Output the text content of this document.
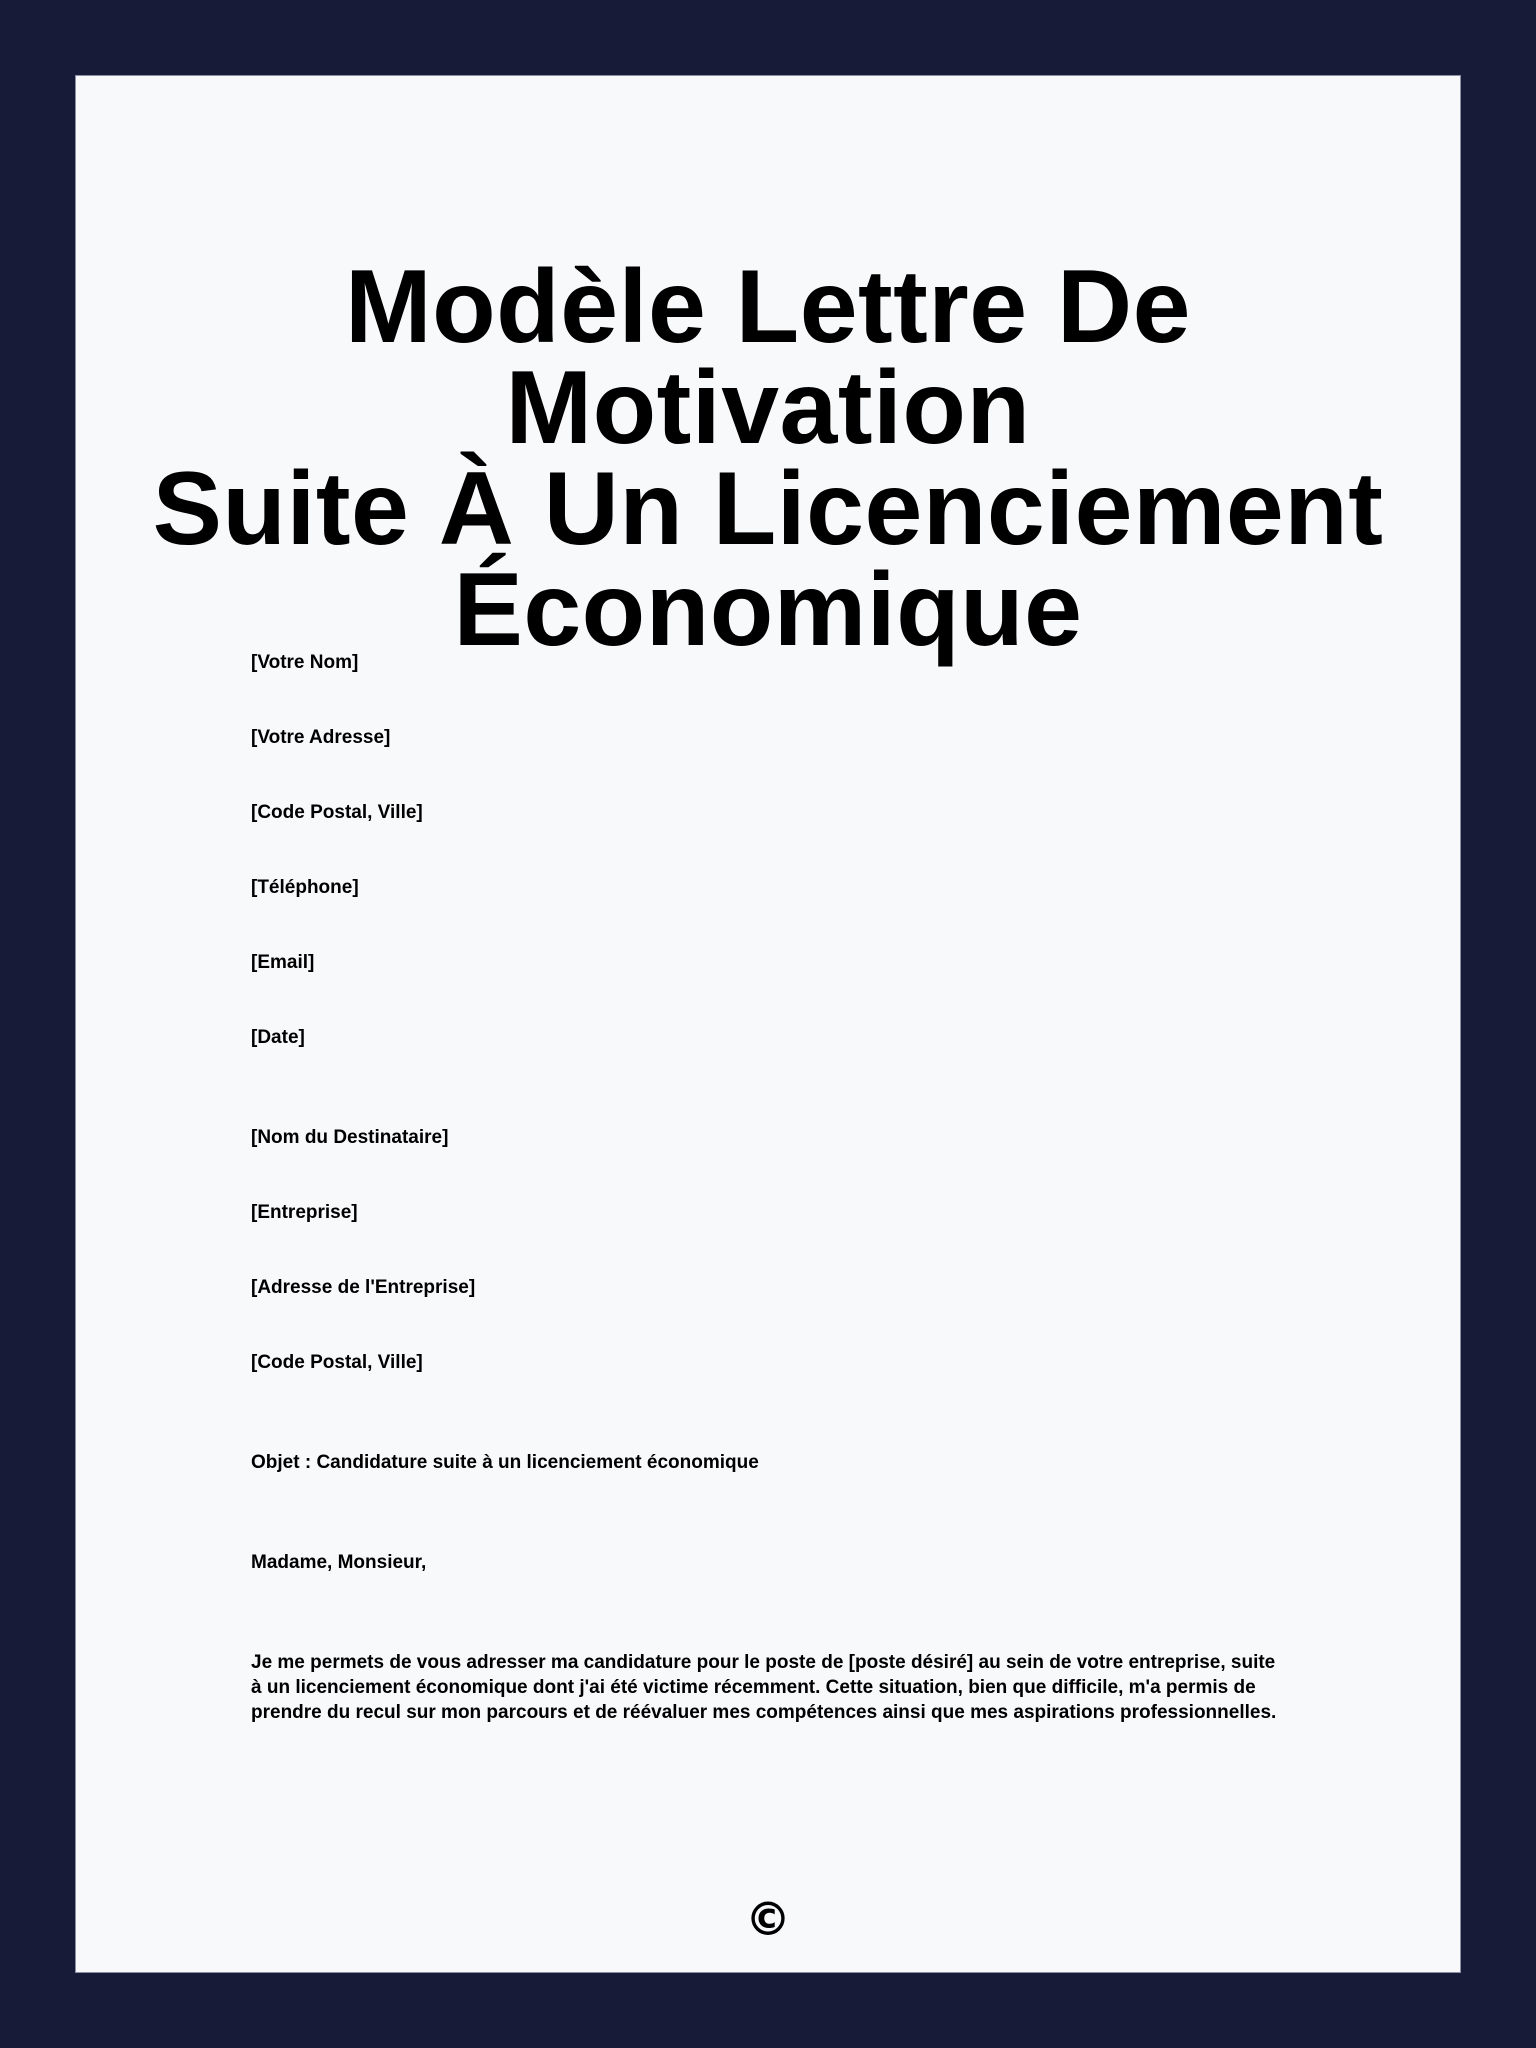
Modèle Lettre De Motivation
Suite À Un Licenciement
Économique
[Votre Nom]
[Votre Adresse]
[Code Postal, Ville]
[Téléphone]
[Email]
[Date]
[Nom du Destinataire]
[Entreprise]
[Adresse de l'Entreprise]
[Code Postal, Ville]
Objet : Candidature suite à un licenciement économique
Madame, Monsieur,

Je me permets de vous adresser ma candidature pour le poste de [poste désiré] au sein de votre entreprise, suite à un licenciement économique dont j'ai été victime récemment. Cette situation, bien que difficile, m'a permis de prendre du recul sur mon parcours et de réévaluer mes compétences ainsi que mes aspirations professionnelles.

©
